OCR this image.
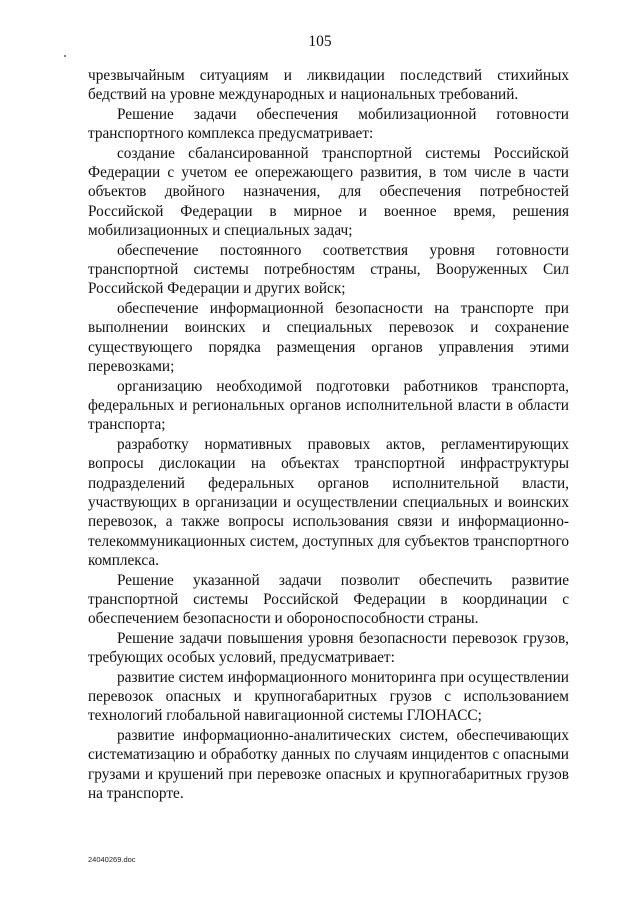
105

чрезвычайным ситуациям и ликвидации последствий стихийных бедствий на уровне международных и национальных требований.

Решение задачи обеспечения мобилизационной готовности транспортного комплекса предусматривает:

создание сбалансированной транспортной системы Российской Федерации с учетом ее опережающего развития, в том числе в части объектов двойного назначения, для обеспечения потребностей Российской Федерации в мирное и военное время, решения мобилизационных и специальных задач;

обеспечение постоянного соответствия уровня готовности транспортной системы потребностям страны, Вооруженных Сил Российской Федерации и других войск;

обеспечение информационной безопасности на транспорте при выполнении воинских и специальных перевозок и сохранение существующего порядка размещения органов управления этими перевозками;

организацию необходимой подготовки работников транспорта, федеральных и региональных органов исполнительной власти в области транспорта;

разработку нормативных правовых актов, регламентирующих вопросы дислокации на объектах транспортной инфраструктуры подразделений федеральных органов исполнительной власти, участвующих в организации и осуществлении специальных и воинских перевозок, а также вопросы использования связи и информационно-телекоммуникационных систем, доступных для субъектов транспортного комплекса.

Решение указанной задачи позволит обеспечить развитие транспортной системы Российской Федерации в координации с обеспечением безопасности и обороноспособности страны.

Решение задачи повышения уровня безопасности перевозок грузов, требующих особых условий, предусматривает:

развитие систем информационного мониторинга при осуществлении перевозок опасных и крупногабаритных грузов с использованием технологий глобальной навигационной системы ГЛОНАСС;

развитие информационно-аналитических систем, обеспечивающих систематизацию и обработку данных по случаям инцидентов с опасными грузами и крушений при перевозке опасных и крупногабаритных грузов на транспорте.

24040269.doc
